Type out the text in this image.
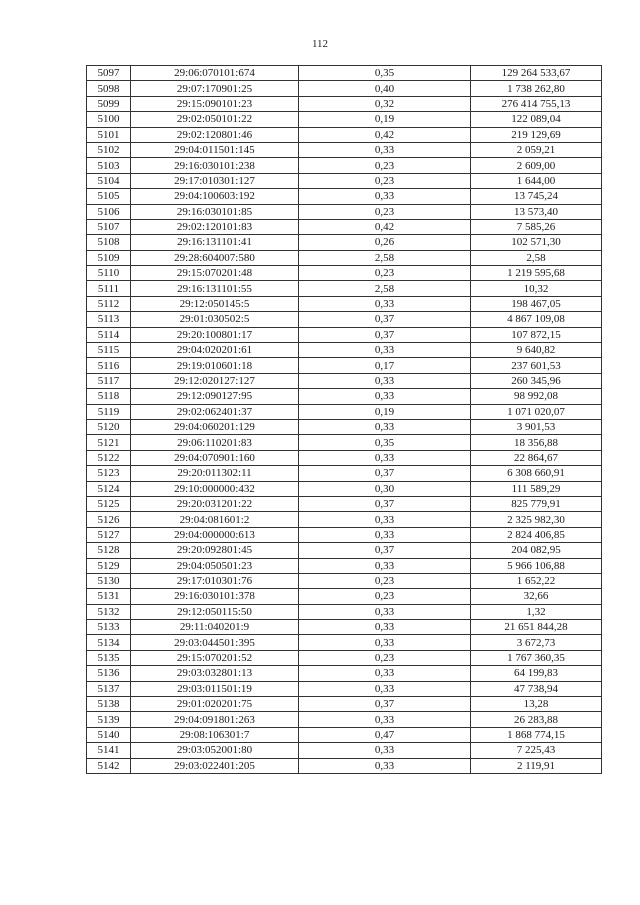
112
5097	29:06:070101:674	0,35	129 264 533,67
5098	29:07:170901:25	0,40	1 738 262,80
5099	29:15:090101:23	0,32	276 414 755,13
5100	29:02:050101:22	0,19	122 089,04
5101	29:02:120801:46	0,42	219 129,69
5102	29:04:011501:145	0,33	2 059,21
5103	29:16:030101:238	0,23	2 609,00
5104	29:17:010301:127	0,23	1 644,00
5105	29:04:100603:192	0,33	13 745,24
5106	29:16:030101:85	0,23	13 573,40
5107	29:02:120101:83	0,42	7 585,26
5108	29:16:131101:41	0,26	102 571,30
5109	29:28:604007:580	2,58	2,58
5110	29:15:070201:48	0,23	1 219 595,68
5111	29:16:131101:55	2,58	10,32
5112	29:12:050145:5	0,33	198 467,05
5113	29:01:030502:5	0,37	4 867 109,08
5114	29:20:100801:17	0,37	107 872,15
5115	29:04:020201:61	0,33	9 640,82
5116	29:19:010601:18	0,17	237 601,53
5117	29:12:020127:127	0,33	260 345,96
5118	29:12:090127:95	0,33	98 992,08
5119	29:02:062401:37	0,19	1 071 020,07
5120	29:04:060201:129	0,33	3 901,53
5121	29:06:110201:83	0,35	18 356,88
5122	29:04:070901:160	0,33	22 864,67
5123	29:20:011302:11	0,37	6 308 660,91
5124	29:10:000000:432	0,30	111 589,29
5125	29:20:031201:22	0,37	825 779,91
5126	29:04:081601:2	0,33	2 325 982,30
5127	29:04:000000:613	0,33	2 824 406,85
5128	29:20:092801:45	0,37	204 082,95
5129	29:04:050501:23	0,33	5 966 106,88
5130	29:17:010301:76	0,23	1 652,22
5131	29:16:030101:378	0,23	32,66
5132	29:12:050115:50	0,33	1,32
5133	29:11:040201:9	0,33	21 651 844,28
5134	29:03:044501:395	0,33	3 672,73
5135	29:15:070201:52	0,23	1 767 360,35
5136	29:03:032801:13	0,33	64 199,83
5137	29:03:011501:19	0,33	47 738,94
5138	29:01:020201:75	0,37	13,28
5139	29:04:091801:263	0,33	26 283,88
5140	29:08:106301:7	0,47	1 868 774,15
5141	29:03:052001:80	0,33	7 225,43
5142	29:03:022401:205	0,33	2 119,91
